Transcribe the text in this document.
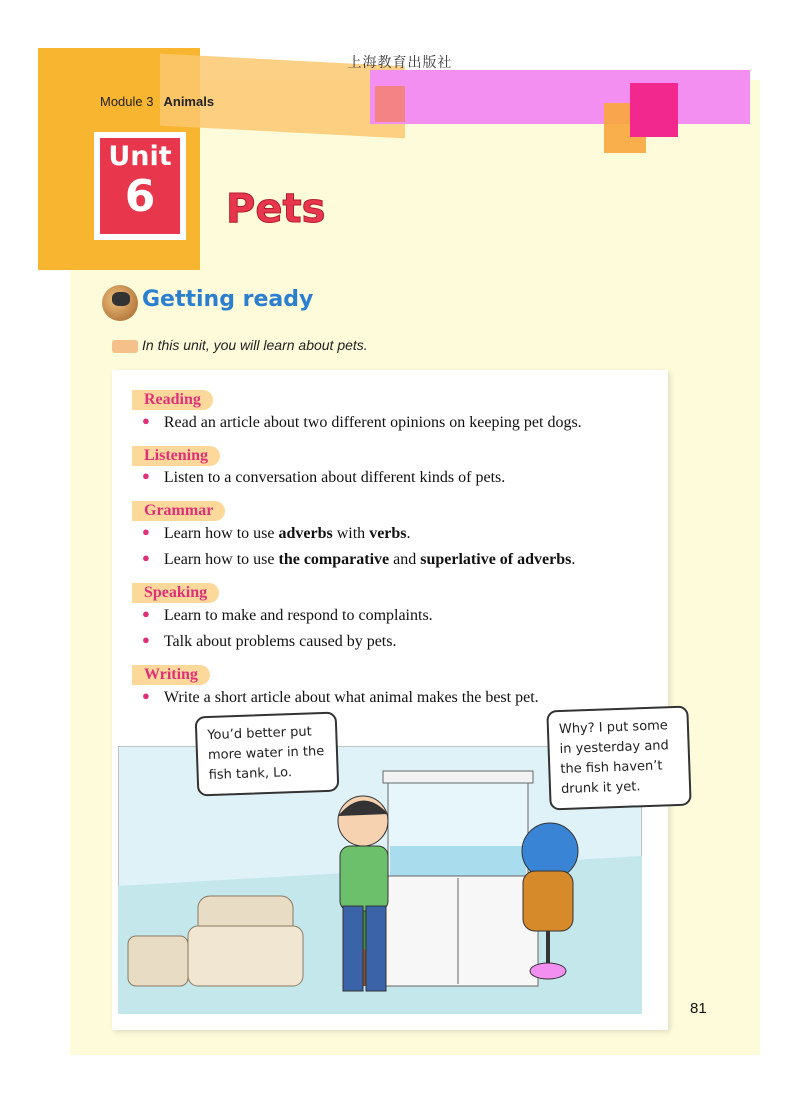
上海教育出版社
Module 3 Animals
Unit
6	Pets
Getting ready
In this unit, you will learn about pets.
Reading
● Read an article about two different opinions on keeping pet dogs.
Listening
● Listen to a conversation about different kinds of pets.
Grammar
● Learn how to use adverbs with verbs.
● Learn how to use the comparative and superlative of adverbs.
Speaking
● Learn to make and respond to complaints.
● Talk about problems caused by pets.
Writing
● Write a short article about what animal makes the best pet.
You’d better put
more water in the
fish tank, Lo.
Why? I put some
in yesterday and
the fish haven’t
drunk it yet.
81
